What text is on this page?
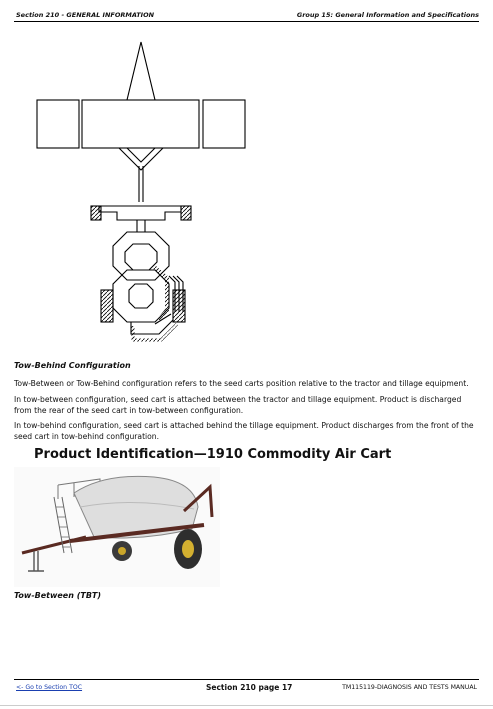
Section 210 - GENERAL INFORMATION	Group 15: General Information and Specifications
Tow-Behind Configuration
Tow-Between or Tow-Behind configuration refers to the seed carts position relative to the tractor and tillage equipment.
In tow-between configuration, seed cart is attached between the tractor and tillage equipment. Product is discharged from the rear of the seed cart in tow-between configuration.
In tow-behind configuration, seed cart is attached behind the tillage equipment. Product discharges from the front of the seed cart in tow-behind configuration.
Product Identification—1910 Commodity Air Cart
Tow-Between (TBT)
<- Go to Section TOC	Section 210 page 17	TM115119-DIAGNOSIS AND TESTS MANUAL
